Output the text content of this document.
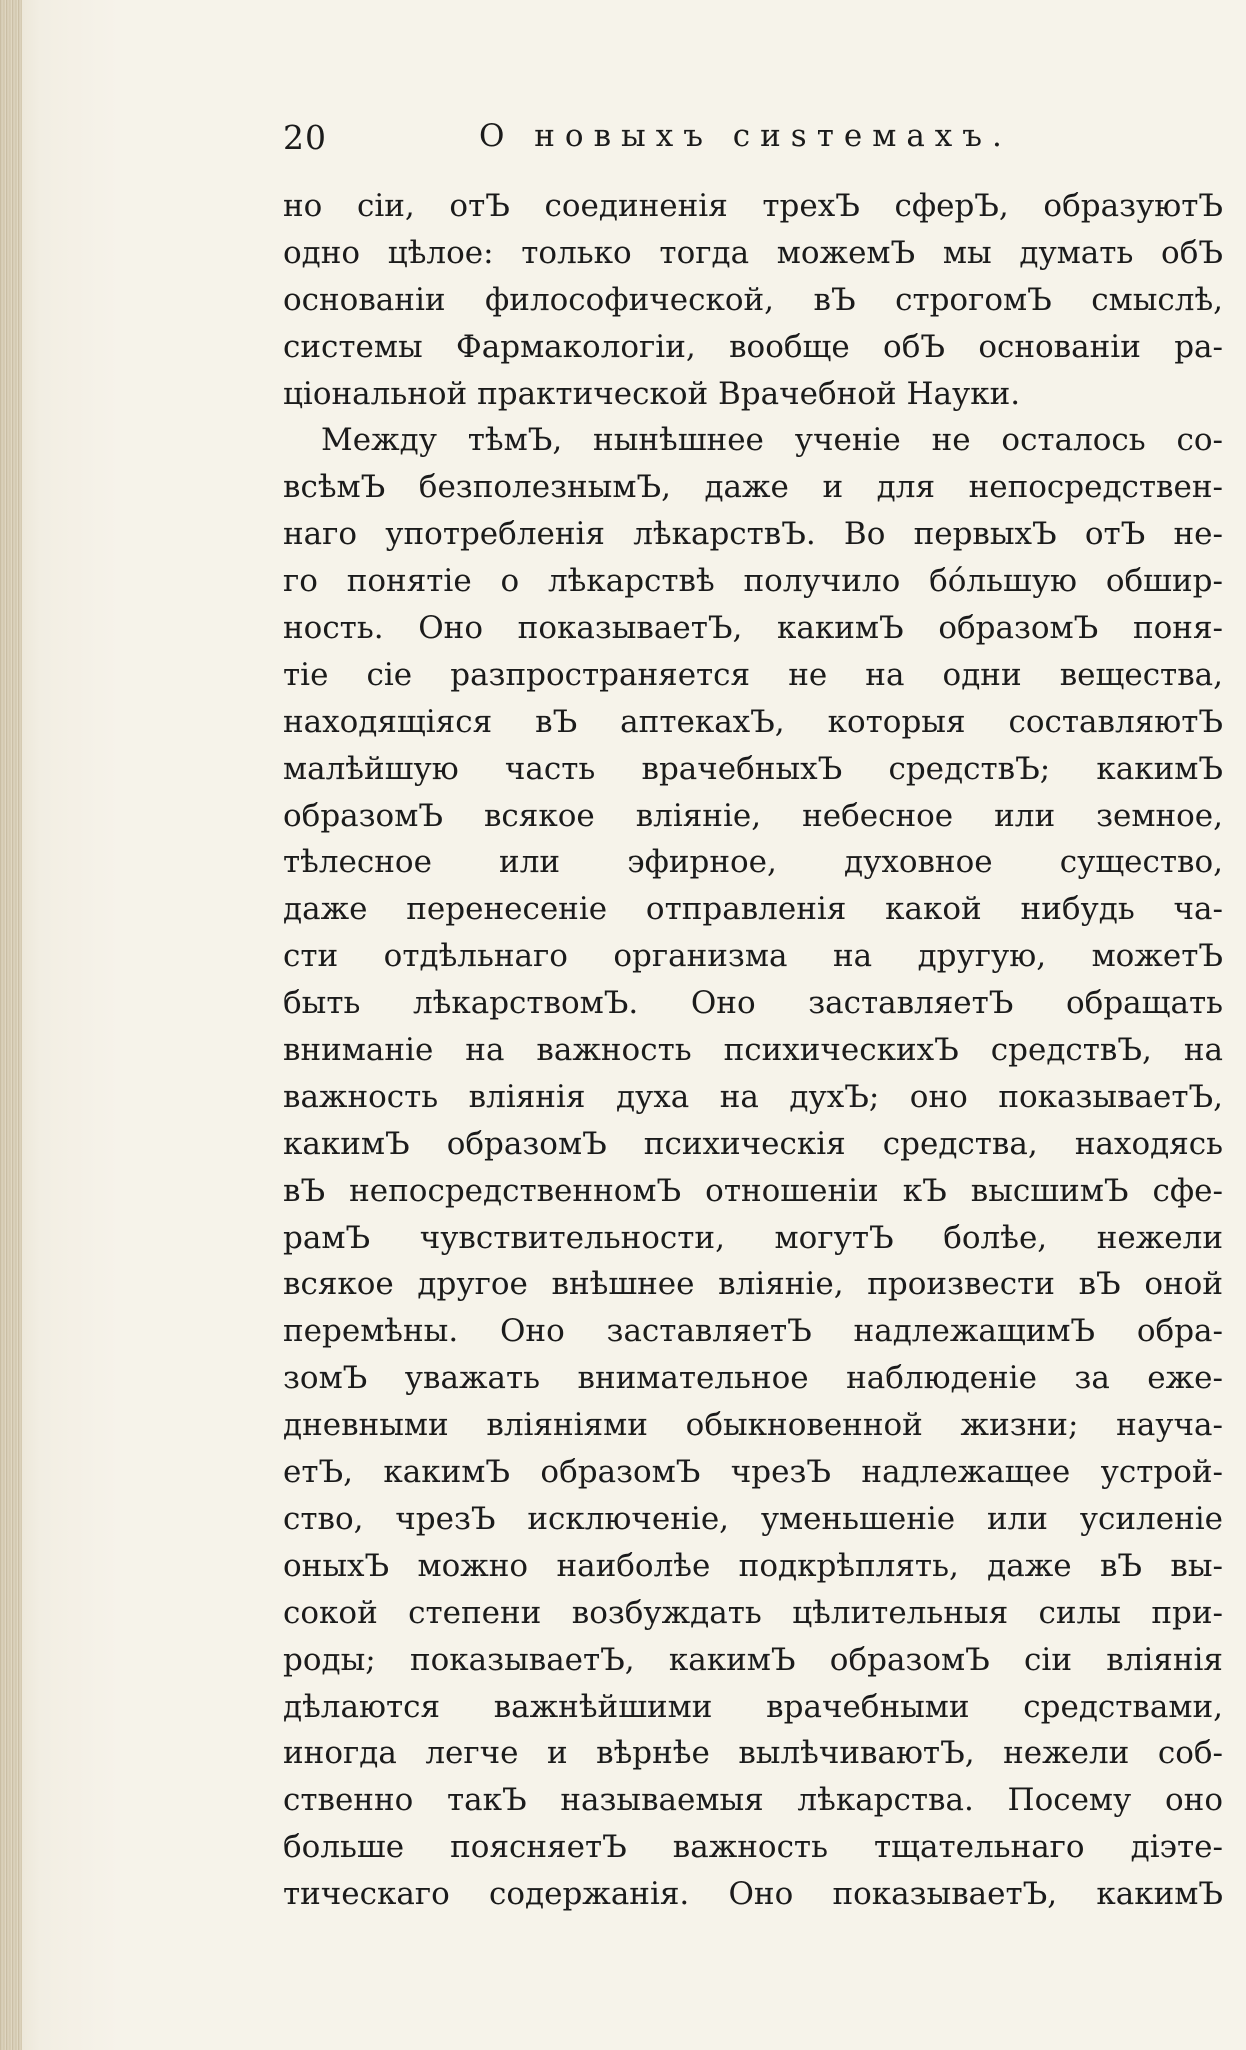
20	О новыхъ сиѕтемахъ.
но сіи, отЪ соединенія трехЪ сферЪ, образуютЪ
одно цѣлое: только тогда можемЪ мы думать обЪ
основаніи философической, вЪ строгомЪ смыслѣ,
системы Фармакологіи, вообще обЪ основаніи ра-
ціональной практической Врачебной Науки.
Между тѣмЪ, нынѣшнее ученіе не осталось со-
всѣмЪ безполезнымЪ, даже и для непосредствен-
наго употребленія лѣкарствЪ. Во первыхЪ отЪ не-
го понятіе о лѣкарствѣ получило бо́льшую обшир-
ность. Оно показываетЪ, какимЪ образомЪ поня-
тіе сіе разпространяется не на одни вещества,
находящіяся вЪ аптекахЪ, которыя составляютЪ
малѣйшую часть врачебныхЪ средствЪ; какимЪ
образомЪ всякое вліяніе, небесное или земное,
тѣлесное или эфирное, духовное существо,
даже перенесеніе отправленія какой нибудь ча-
сти отдѣльнаго организма на другую, можетЪ
быть лѣкарствомЪ. Оно заставляетЪ обращать
вниманіе на важность психическихЪ средствЪ, на
важность вліянія духа на духЪ; оно показываетЪ,
какимЪ образомЪ психическія средства, находясь
вЪ непосредственномЪ отношеніи кЪ высшимЪ сфе-
рамЪ чувствительности, могутЪ болѣе, нежели
всякое другое внѣшнее вліяніе, произвести вЪ оной
перемѣны. Оно заставляетЪ надлежащимЪ обра-
зомЪ уважать внимательное наблюденіе за еже-
дневными вліяніями обыкновенной жизни; науча-
етЪ, какимЪ образомЪ чрезЪ надлежащее устрой-
ство, чрезЪ исключеніе, уменьшеніе или усиленіе
оныхЪ можно наиболѣе подкрѣплять, даже вЪ вы-
сокой степени возбуждать цѣлительныя силы при-
роды; показываетЪ, какимЪ образомЪ сіи вліянія
дѣлаются важнѣйшими врачебными средствами,
иногда легче и вѣрнѣе вылѣчиваютЪ, нежели соб-
ственно такЪ называемыя лѣкарства. Посему оно
больше поясняетЪ важность тщательнаго діэте-
тическаго содержанія. Оно показываетЪ, какимЪ
